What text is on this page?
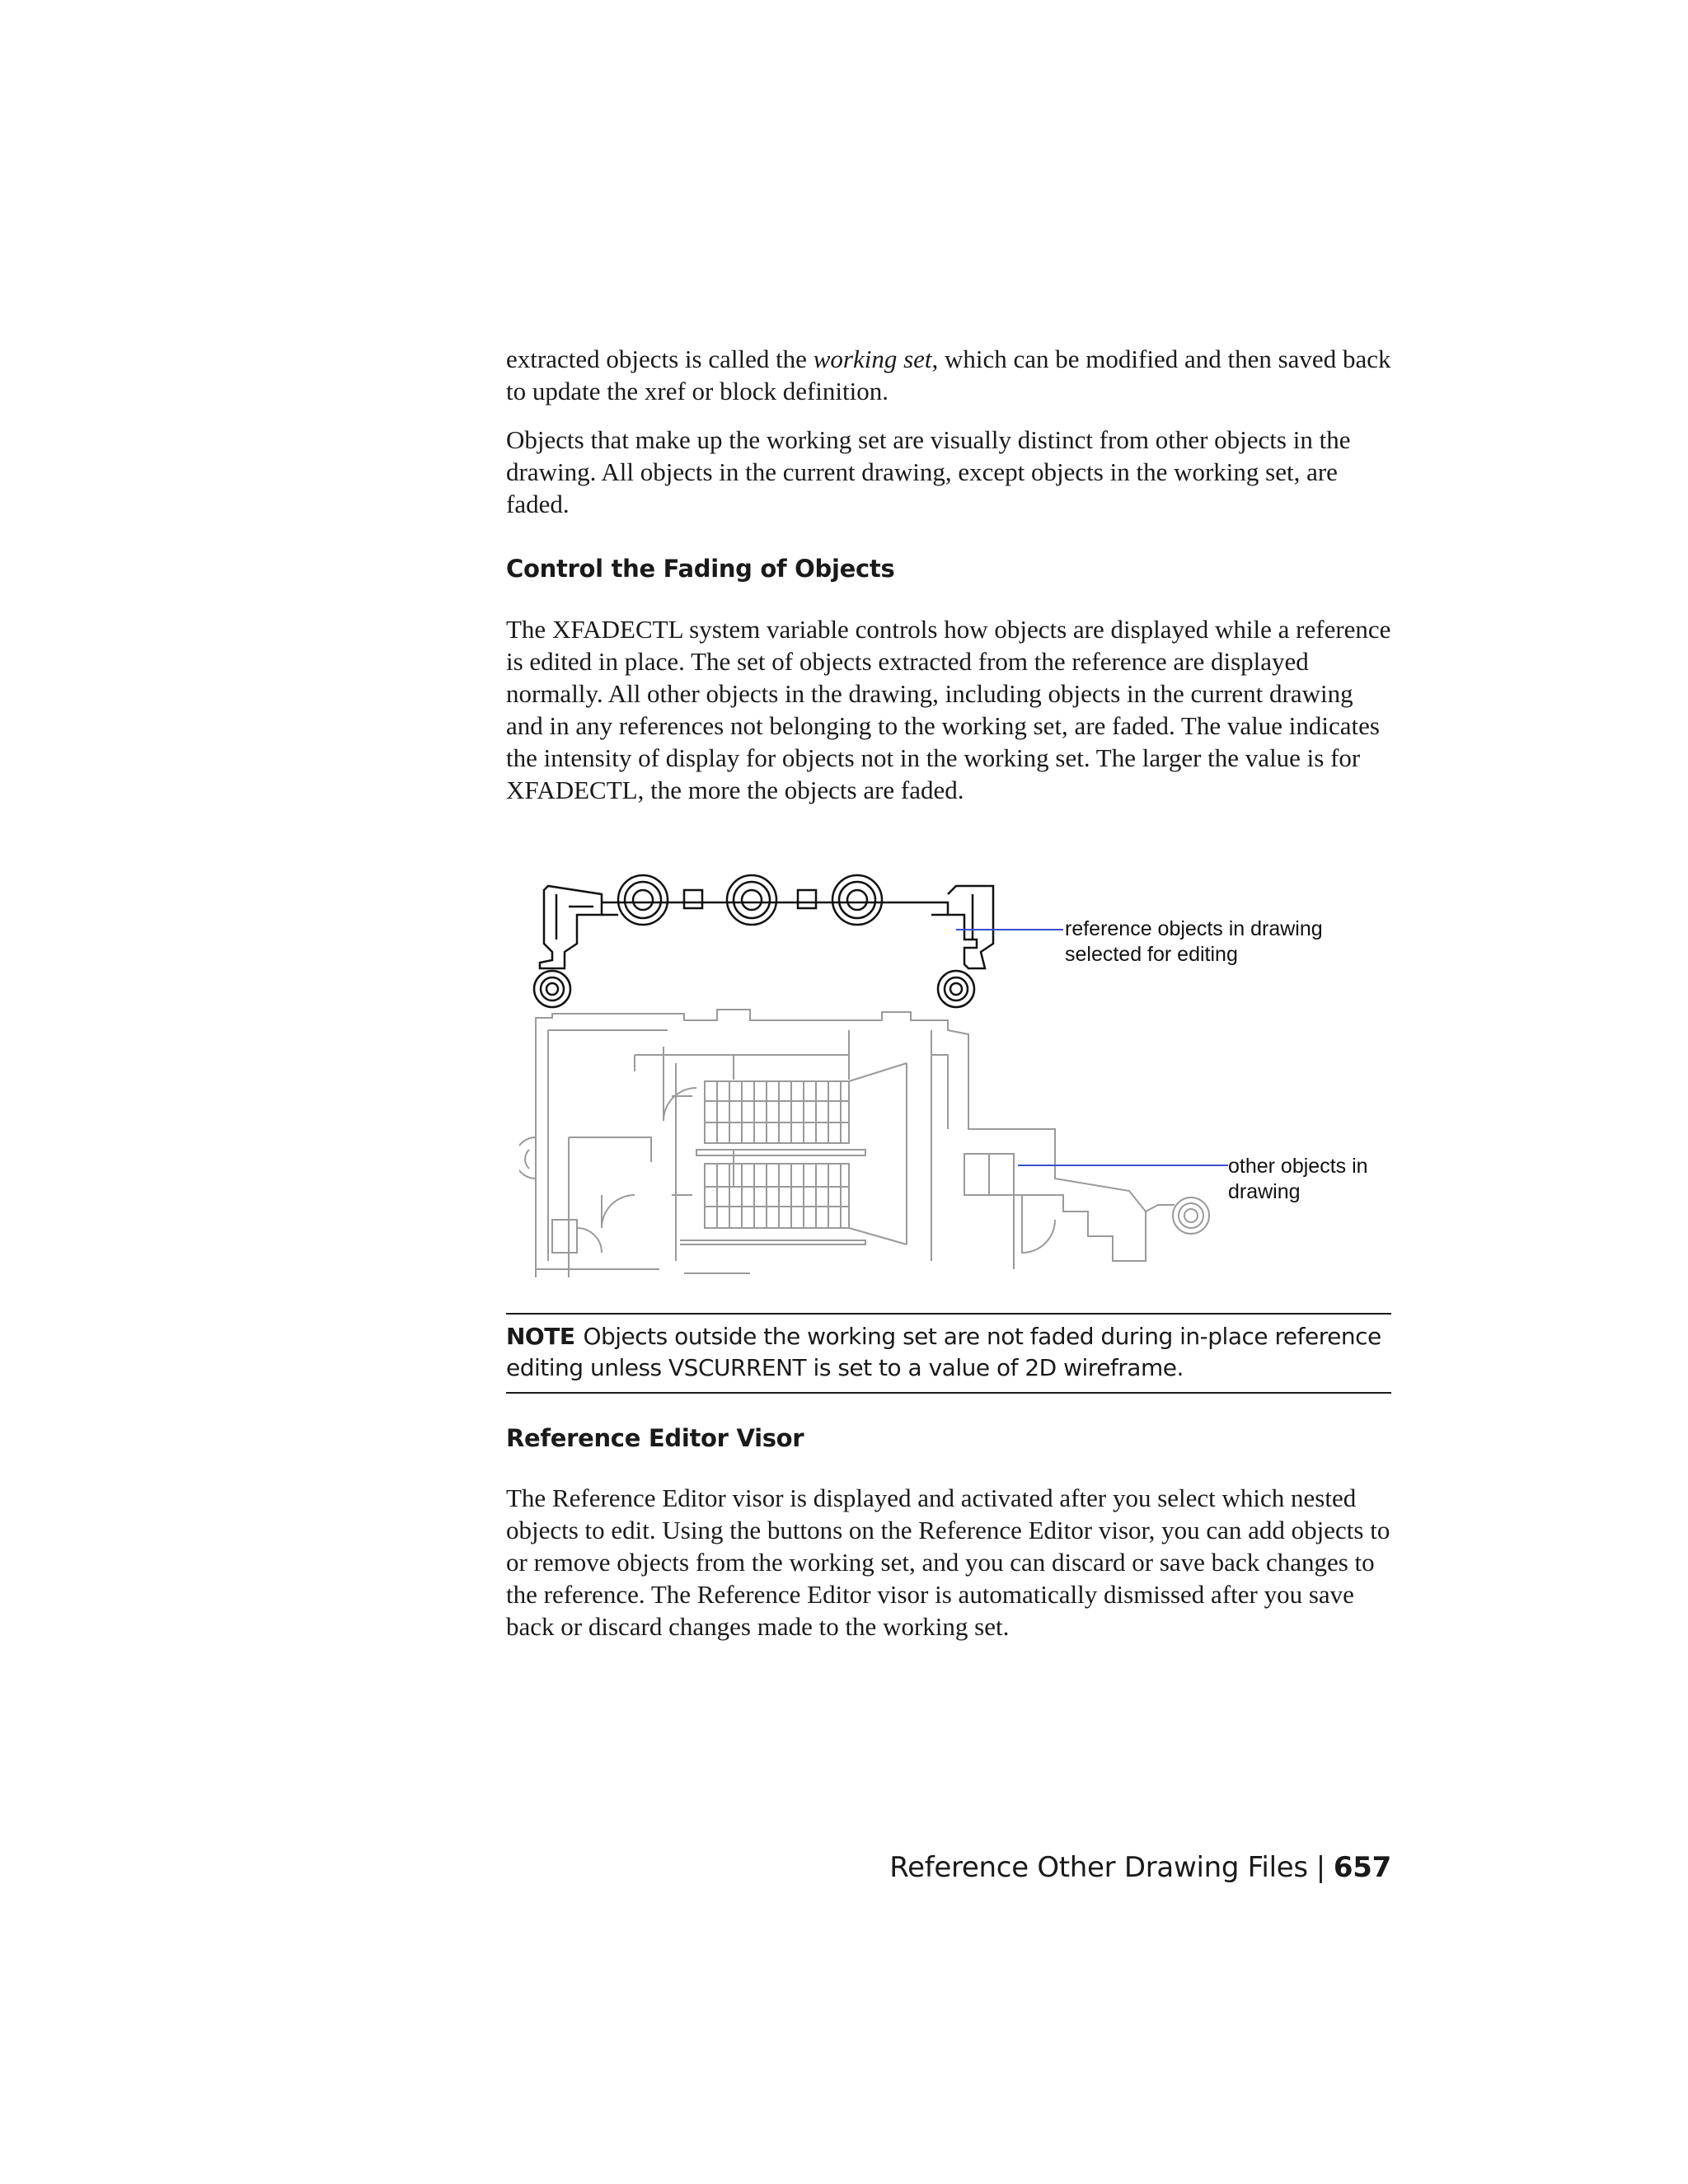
extracted objects is called the working set, which can be modified and then saved back to update the xref or block definition.

Objects that make up the working set are visually distinct from other objects in the drawing. All objects in the current drawing, except objects in the working set, are faded.

Control the Fading of Objects

The XFADECTL system variable controls how objects are displayed while a reference is edited in place. The set of objects extracted from the reference are displayed normally. All other objects in the drawing, including objects in the current drawing and in any references not belonging to the working set, are faded. The value indicates the intensity of display for objects not in the working set. The larger the value is for XFADECTL, the more the objects are faded.

reference objects in drawing
selected for editing
other objects in
drawing
NOTE Objects outside the working set are not faded during in-place reference editing unless VSCURRENT is set to a value of 2D wireframe.
Reference Editor Visor

The Reference Editor visor is displayed and activated after you select which nested objects to edit. Using the buttons on the Reference Editor visor, you can add objects to or remove objects from the working set, and you can discard or save back changes to the reference. The Reference Editor visor is automatically dismissed after you save back or discard changes made to the working set.

Reference Other Drawing Files | 657
